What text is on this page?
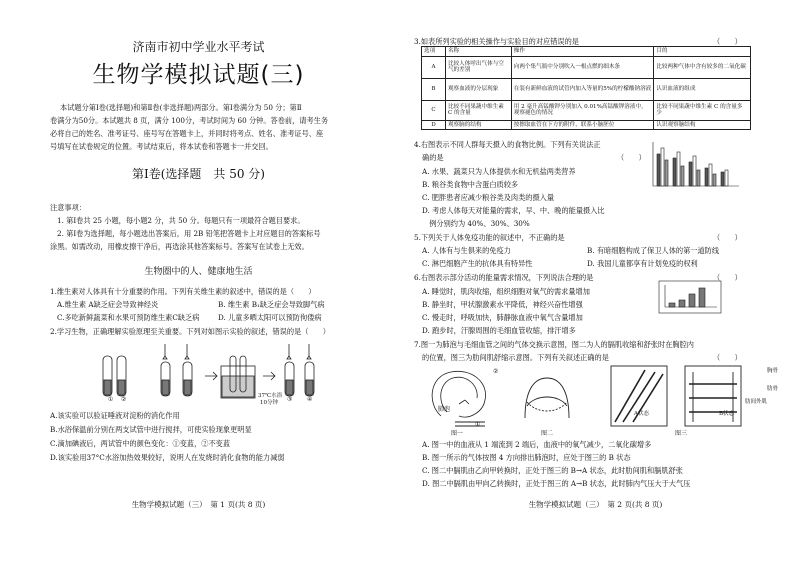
济南市初中学业水平考试
生物学模拟试题(三)
本试题分第Ⅰ卷(选择题)和第Ⅱ卷(非选择题)两部分。第Ⅰ卷满分为 50 分；第Ⅱ
卷满分为50分。本试题共 8 页，满分 100分，考试时间为 60 分钟。答卷前，请考生务
必将自己的姓名、准考证号、座号写在答题卡上，并同时将考点、姓名、准考证号、座
号填写在试卷规定的位置。考试结束后，将本试卷和答题卡一并交回。
第Ⅰ卷(选择题　共 50 分)
注意事项：
1. 第Ⅰ卷共 25 小题，每小题2 分，共 50 分。每题只有一项最符合题目要求。
2. 第Ⅰ卷为选择题，每小题选出答案后，用 2B 铅笔把答题卡上对应题目的答案标号
涂黑。如需改动，用橡皮擦干净后，再选涂其他答案标号。答案写在试卷上无效。
生物圈中的人、健康地生活
1.维生素对人体具有十分重要的作用。下列有关维生素的叙述中，错误的是（　　）
A.维生素 A缺乏症会导致神经炎	B. 维生素 B₁缺乏症会导致脚气病
C.多吃新鲜蔬菜和水果可预防维生素C缺乏病	D. 儿童多晒太阳可以预防佝偻病
2.学习生物，正确理解实验原理至关重要。下列对如图示实验的叙述，错误的是（　　）
① ②	37℃水浴
10分钟 ③ ④
A.该实验可以验证唾液对淀粉的消化作用
B.水浴保温前分别在两支试管中进行搅拌，可使实验现象更明显
C.滴加碘液后，两试管中的颜色变化：①变蓝，②不变蓝
D.该实验用37°C水浴加热效果较好，说明人在发烧时消化食物的能力减弱
生物学模拟试题（三）　第 1 页(共 8 页)
3.如表所列实验的相关操作与实验目的对应错误的是	（　　）
选项	名称	操作	目的
A	比较人体呼出气体与空气的差别	向两个集气瓶中分别吹入一根点燃的细木条	比较两种气体中含有较多的二氧化碳
B	观察血液的分层现象	在装有新鲜血液的试管内加入等量的5%的柠檬酸钠溶液	认识血液的组成
C	比较不同果蔬中维生素 C 的含量	用 2 毫升高锰酸钾分别加入 0.01%高锰酸钾溶液中，观察褪色的情况	比较不同果蔬中维生素 C 的含量多少
D	观察脑的结构	按擦取血管在下方的附件，联系小脑胚位	认识观察脑结构
4.右图表示不同人群每天摄入的食物比例。下列有关说法正
确的是	（　　）
A. 水果、蔬菜只为人体提供水和无机盐两类营养
B. 粮谷类食物中含蛋白质较多
C. 肥胖患者应减少粮谷类及肉类的摄入量
D. 考虑人体每天对能量的需求，早、中、晚的能量摄入比
　例分别约为 40%、30%、30%
5.下列关于人体免疫功能的叙述中，不正确的是	（　　）
A. 人体有与生俱来的免疫力	B. 有暗细胞构成了保卫人体的第一道防线
C. 淋巴细胞产生的抗体具有特异性	D. 我国儿童都享有计划免疫的权利
6.右图表示部分活动的能量需求情况，下列说法合理的是	（　　）
A. 睡觉时，肌肉收缩，组织细胞对氧气的需求量增加
B. 静坐时，甲状腺激素水平降低，神经兴奋性增强
C. 慢走时，呼吸加快，肺静脉血液中氧气含量增加
D. 跑步时，汗腺周围的毛细血管收缩，排汗增多
7.图一为肺泡与毛细血管之间的气体交换示意图，图二为人的膈肌收缩和舒张时在胸腔内
的位置，图三为肋间肌舒缩示意图。下列有关叙述正确的是	（　　）
肺泡
②
①
图一	图二
胸骨
肋骨
肋间外肌
A状态	B状态
图三
A. 图一中的血液从 1 端流到 2 端后，血液中的氧气减少，二氧化碳增多
B. 图一所示的气体按图 4 方向排出肺泡时，应处于图三的 B 状态
C. 图二中膈肌由乙向甲转换时，正处于图三的 B→A 状态，此时肋间肌和膈肌舒张
D. 图二中膈肌由甲向乙转换时，正处于图三的 A→B 状态，此时肺内气压大于大气压
生物学模拟试题（三）　第 2 页(共 8 页)
